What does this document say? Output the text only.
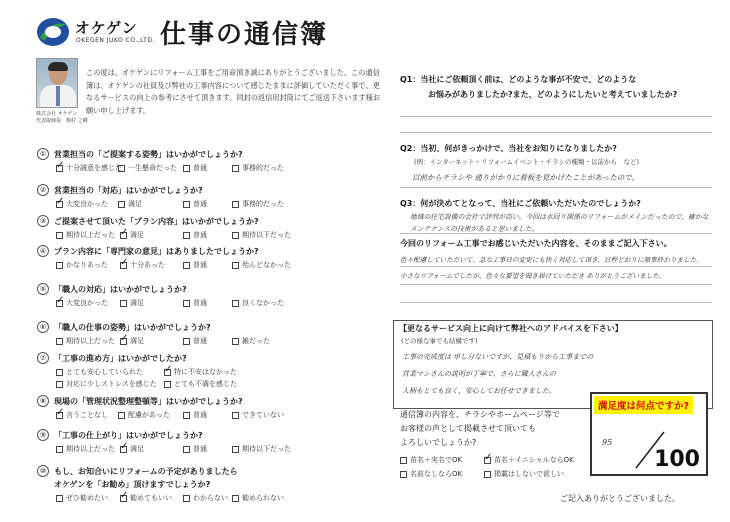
オケゲン
OKEGEN JUKO CO.,LTD. 仕事の通信簿
株式会社 オケゲン
代表取締役　梅村 之剛
この度は、オケゲンにリフォーム工事をご用命頂き誠にありがとうございました。この通信簿は、オケゲンの社員及び弊社の工事内容について感じたままに評価していただく事で、更なるサービスの向上の参考にさせて頂きます。同封の返信用封筒にてご返送下さいます様お願い申し上げます。
① 営業担当の「ご提案する姿勢」はいかがでしょうか?
✓
十分誠意を感じた 一生懸命だった 普通	事務的だった
② 営業担当の「対応」はいかがでしょうか?
✓
大変良かった	満足	普通	事務的だった
③ ご提案させて頂いた「プラン内容」はいかがでしょうか?
期待以上だった ✓ 満足	普通	期待以下だった
④ プラン内容に「専門家の意見」はありましたでしょうか?
かなりあった ✓	十分あった	普通	殆んどなかった
⑤ 「職人の対応」はいかがでしょうか?
✓
大変良かった	満足	普通	良くなかった
⑥ 「職人の仕事の姿勢」はいかがでしょうか?
期待以上だった ✓ 満足	普通	雑だった
⑦ 「工事の進め方」はいかがでしたか?
とても安心していられた ✓	特に不安はなかった
対応に少しストレスを感じた とても不満を感じた
⑧ 現場の「管理状況整理整頓等」はいかがでしょうか?
✓
言うことなし	配慮があった	普通	できていない
⑨ 「工事の仕上がり」はいかがでしょうか?
期待以上だった ✓ 満足	普通	期待以下だった
⑩ もし、お知合いにリフォームの予定がありましたら
オケゲンを「お勧め」頂けますでしょうか?
ぜひ勧めたい ✓	勧めてもいい	わからない 勧められない
Q1：当社にご依頼頂く前は、どのような事が不安で、どのような
お悩みがありましたか?また、どのようにしたいと考えていましたか?
Q2：当初、何がきっかけで、当社をお知りになりましたか?
(例：インターネット・リフォームイベント・チラシの種類・以前から　など)
以前からチラシや 通りがかりに看板を見かけたことがあったので。
Q3：何が決めてとなって、当社にご依頼いただいたのでしょうか?
地域の住宅設備の会社で評判が高い。今回は水回り関係のリフォームがメインだったので、確かな
メンテナンスの技術があると思いました。
今回のリフォーム工事でお感じいただいた内容を、そのままご記入下さい。
色々配慮していただいて、急な工事日の変更にも快く対応して頂き、日程どおりに無事終わりました。
小さなリフォームでしたが、色々な要望を聞き届けていただき ありがとうございました。
【更なるサービス向上に向けて弊社へのアドバイスを下さい】
(どの様な事でも結構です)
工事の完成度は 申し分ないですが、見積もりから工事までの
営業マンさんの説明が丁寧で、さらに職人さんの
人柄もとても良く、安心してお任せできました。
通信簿の内容を、チラシやホームページ等で
お客様の声として掲載させて頂いても
よろしいでしょうか?
苗名＋実名でOK ✓	苗名＋イニシャルならOK
名前なしならOK	掲載はしないで欲しい
満足度は何点ですか?
95
100
ご記入ありがとうございました。
